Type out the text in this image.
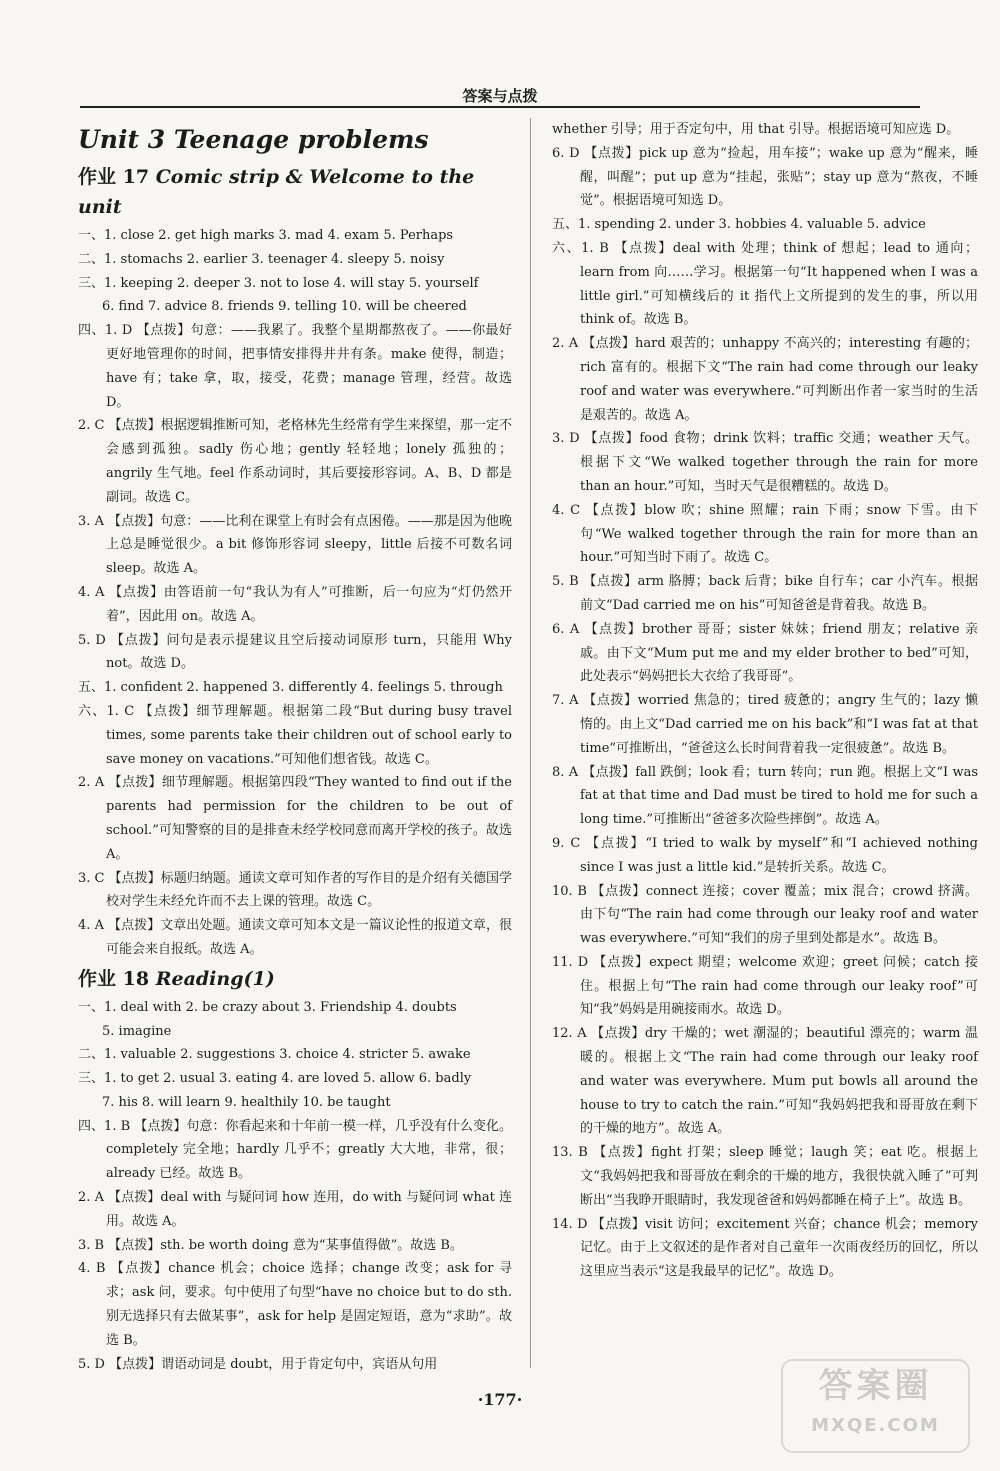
答案与点拨
Unit 3 Teenage problems
作业 17 Comic strip & Welcome to the unit
一、1. close 2. get high marks 3. mad 4. exam 5. Perhaps
二、1. stomachs 2. earlier 3. teenager 4. sleepy 5. noisy
三、1. keeping 2. deeper 3. not to lose 4. will stay 5. yourself
6. find 7. advice 8. friends 9. telling 10. will be cheered
四、1. D 【点拨】句意：——我累了。我整个星期都熬夜了。——你最好更好地管理你的时间，把事情安排得井井有条。make 使得，制造；have 有；take 拿，取，接受，花费；manage 管理，经营。故选 D。
2. C 【点拨】根据逻辑推断可知，老格林先生经常有学生来探望，那一定不会感到孤独。sadly 伤心地；gently 轻轻地；lonely 孤独的；angrily 生气地。feel 作系动词时，其后要接形容词。A、B、D 都是副词。故选 C。
3. A 【点拨】句意：——比利在课堂上有时会有点困倦。——那是因为他晚上总是睡觉很少。a bit 修饰形容词 sleepy，little 后接不可数名词 sleep。故选 A。
4. A 【点拨】由答语前一句“我认为有人”可推断，后一句应为“灯仍然开着”，因此用 on。故选 A。
5. D 【点拨】问句是表示提建议且空后接动词原形 turn，只能用 Why not。故选 D。
五、1. confident 2. happened 3. differently 4. feelings 5. through
六、1. C 【点拨】细节理解题。根据第二段“But during busy travel times, some parents take their children out of school early to save money on vacations.”可知他们想省钱。故选 C。
2. A 【点拨】细节理解题。根据第四段“They wanted to find out if the parents had permission for the children to be out of school.”可知警察的目的是排查未经学校同意而离开学校的孩子。故选 A。
3. C 【点拨】标题归纳题。通读文章可知作者的写作目的是介绍有关德国学校对学生未经允许而不去上课的管理。故选 C。
4. A 【点拨】文章出处题。通读文章可知本文是一篇议论性的报道文章，很可能会来自报纸。故选 A。
作业 18 Reading(1)
一、1. deal with 2. be crazy about 3. Friendship 4. doubts
5. imagine
二、1. valuable 2. suggestions 3. choice 4. stricter 5. awake
三、1. to get 2. usual 3. eating 4. are loved 5. allow 6. badly
7. his 8. will learn 9. healthily 10. be taught
四、1. B 【点拨】句意：你看起来和十年前一模一样，几乎没有什么变化。completely 完全地；hardly 几乎不；greatly 大大地，非常，很；already 已经。故选 B。
2. A 【点拨】deal with 与疑问词 how 连用，do with 与疑问词 what 连用。故选 A。
3. B 【点拨】sth. be worth doing 意为“某事值得做”。故选 B。
4. B 【点拨】chance 机会；choice 选择；change 改变；ask for 寻求；ask 问，要求。句中使用了句型“have no choice but to do sth. 别无选择只有去做某事”，ask for help 是固定短语，意为“求助”。故选 B。
5. D 【点拨】谓语动词是 doubt，用于肯定句中，宾语从句用
whether 引导；用于否定句中，用 that 引导。根据语境可知应选 D。
6. D 【点拨】pick up 意为“捡起，用车接”；wake up 意为“醒来，睡醒，叫醒”；put up 意为“挂起，张贴”；stay up 意为“熬夜，不睡觉”。根据语境可知选 D。
五、1. spending 2. under 3. hobbies 4. valuable 5. advice
六、1. B 【点拨】deal with 处理；think of 想起；lead to 通向；learn from 向……学习。根据第一句“It happened when I was a little girl.”可知横线后的 it 指代上文所提到的发生的事，所以用 think of。故选 B。
2. A 【点拨】hard 艰苦的；unhappy 不高兴的；interesting 有趣的；rich 富有的。根据下文“The rain had come through our leaky roof and water was everywhere.”可判断出作者一家当时的生活是艰苦的。故选 A。
3. D 【点拨】food 食物；drink 饮料；traffic 交通；weather 天气。根据下文“We walked together through the rain for more than an hour.”可知，当时天气是很糟糕的。故选 D。
4. C 【点拨】blow 吹；shine 照耀；rain 下雨；snow 下雪。由下句“We walked together through the rain for more than an hour.”可知当时下雨了。故选 C。
5. B 【点拨】arm 胳膊；back 后背；bike 自行车；car 小汽车。根据前文“Dad carried me on his”可知爸爸是背着我。故选 B。
6. A 【点拨】brother 哥哥；sister 妹妹；friend 朋友；relative 亲戚。由下文“Mum put me and my elder brother to bed”可知，此处表示“妈妈把长大衣给了我哥哥”。
7. A 【点拨】worried 焦急的；tired 疲惫的；angry 生气的；lazy 懒惰的。由上文“Dad carried me on his back”和“I was fat at that time”可推断出，“爸爸这么长时间背着我一定很疲惫”。故选 B。
8. A 【点拨】fall 跌倒；look 看；turn 转向；run 跑。根据上文“I was fat at that time and Dad must be tired to hold me for such a long time.”可推断出“爸爸多次险些摔倒”。故选 A。
9. C 【点拨】“I tried to walk by myself”和“I achieved nothing since I was just a little kid.”是转折关系。故选 C。
10. B 【点拨】connect 连接；cover 覆盖；mix 混合；crowd 挤满。由下句“The rain had come through our leaky roof and water was everywhere.”可知“我们的房子里到处都是水”。故选 B。
11. D 【点拨】expect 期望；welcome 欢迎；greet 问候；catch 接住。根据上句“The rain had come through our leaky roof”可知“我”妈妈是用碗接雨水。故选 D。
12. A 【点拨】dry 干燥的；wet 潮湿的；beautiful 漂亮的；warm 温暖的。根据上文“The rain had come through our leaky roof and water was everywhere. Mum put bowls all around the house to try to catch the rain.”可知“我妈妈把我和哥哥放在剩下的干燥的地方”。故选 A。
13. B 【点拨】fight 打架；sleep 睡觉；laugh 笑；eat 吃。根据上文“我妈妈把我和哥哥放在剩余的干燥的地方，我很快就入睡了”可判断出“当我睁开眼睛时，我发现爸爸和妈妈都睡在椅子上”。故选 B。
14. D 【点拨】visit 访问；excitement 兴奋；chance 机会；memory 记忆。由于上文叙述的是作者对自己童年一次雨夜经历的回忆，所以这里应当表示“这是我最早的记忆”。故选 D。
·177·	答案圈
MXQE.COM
